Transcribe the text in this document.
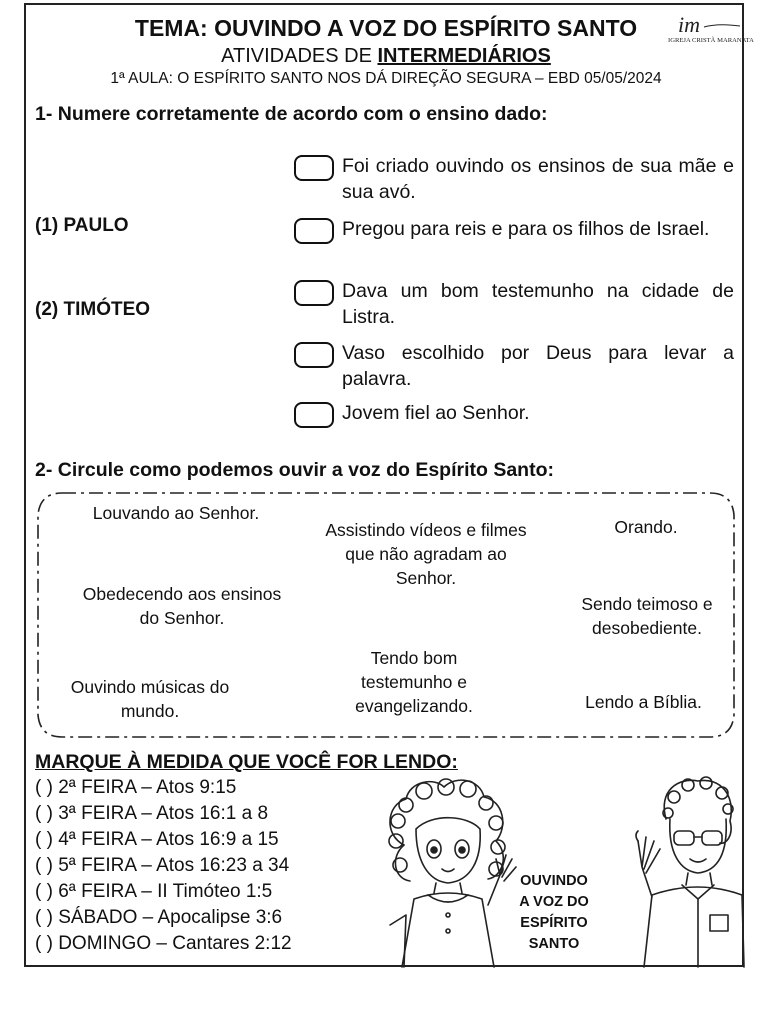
TEMA: OUVINDO A VOZ DO ESPÍRITO SANTO
ATIVIDADES DE INTERMEDIÁRIOS
1ª AULA: O ESPÍRITO SANTO NOS DÁ DIREÇÃO SEGURA – EBD 05/05/2024
im
IGREJA CRISTÃ MARANATA
1- Numere corretamente de acordo com o ensino dado:
(1) PAULO
(2) TIMÓTEO
Foi criado ouvindo os ensinos de sua mãe e sua avó.
Pregou para reis e para os filhos de Israel.
Dava um bom testemunho na cidade de Listra.
Vaso escolhido por Deus para levar a palavra.
Jovem fiel ao Senhor.
2- Circule como podemos ouvir a voz do Espírito Santo:
Louvando ao Senhor.
Assistindo vídeos e filmes que não agradam ao Senhor.
Orando.
Obedecendo aos ensinos do Senhor.
Sendo teimoso e desobediente.
Tendo bom testemunho e evangelizando.
Ouvindo músicas do mundo.	Lendo a Bíblia.
MARQUE À MEDIDA QUE VOCÊ FOR LENDO:
( ) 2ª FEIRA – Atos 9:15
( ) 3ª FEIRA – Atos 16:1 a 8
( ) 4ª FEIRA – Atos 16:9 a 15
( ) 5ª FEIRA – Atos 16:23 a 34
( ) 6ª FEIRA – II Timóteo 1:5
( ) SÁBADO – Apocalipse 3:6
( ) DOMINGO – Cantares 2:12
OUVINDO
A VOZ DO
ESPÍRITO
SANTO
